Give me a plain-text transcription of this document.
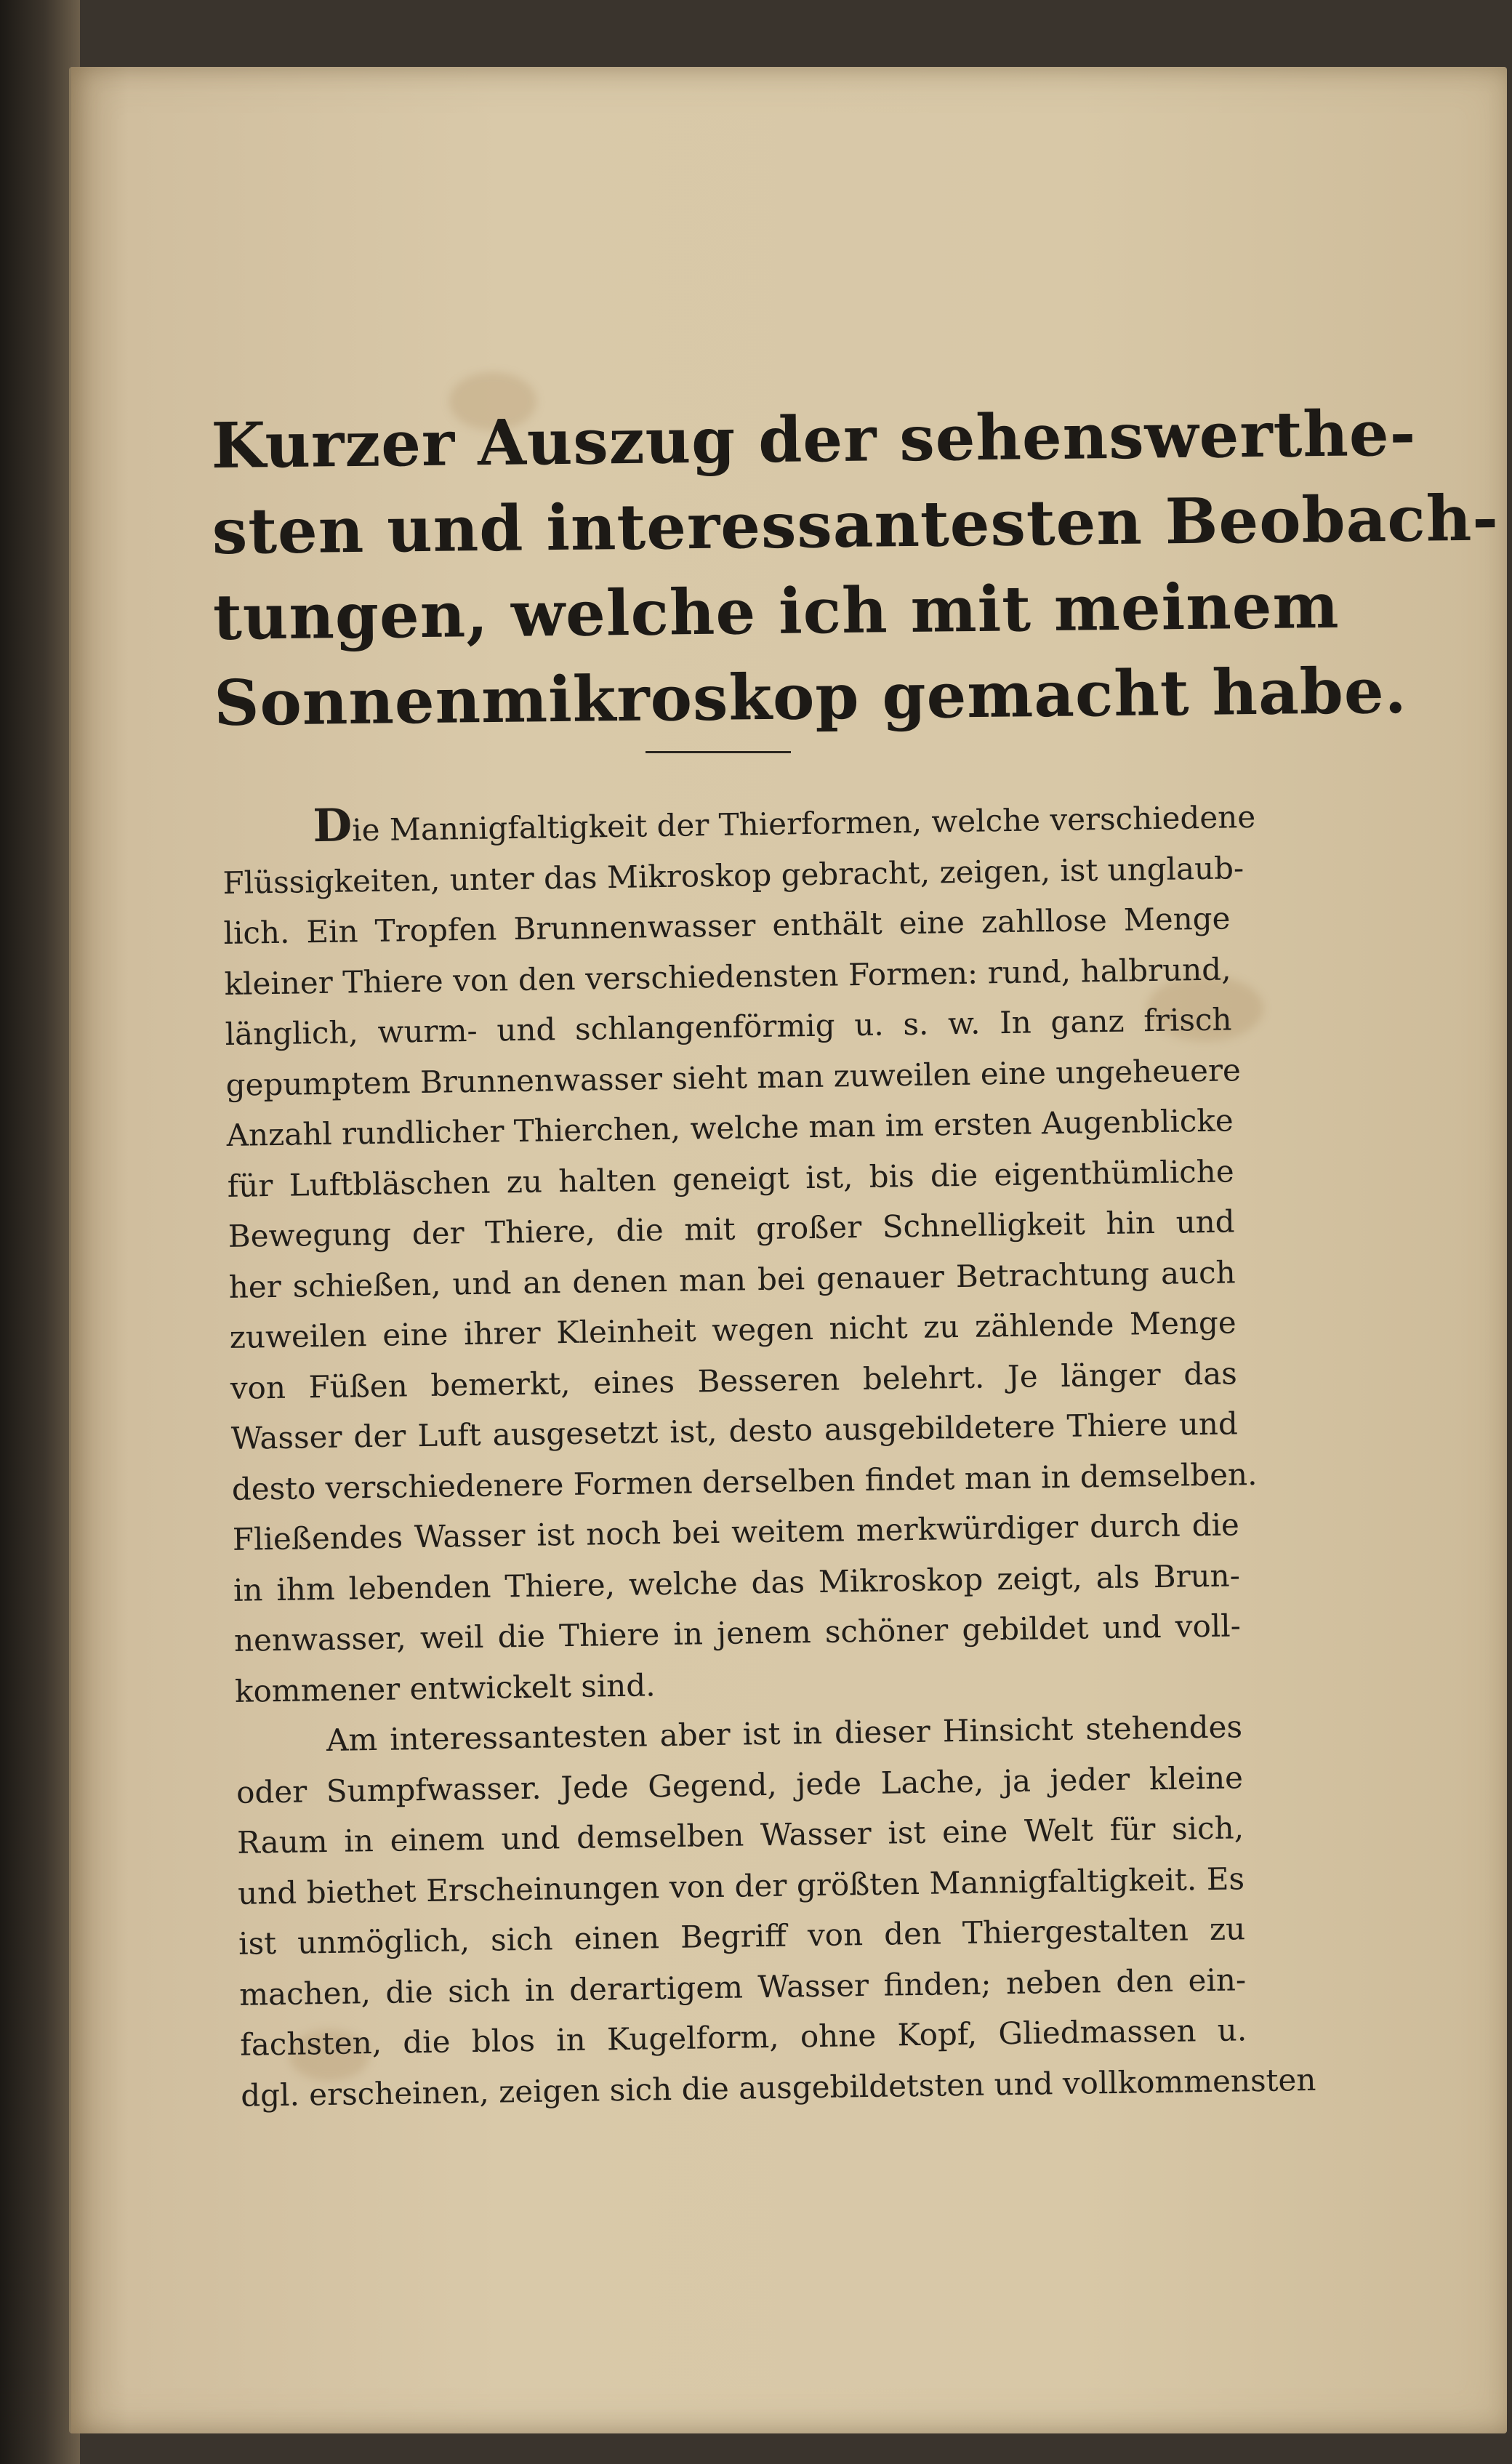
Kurzer Auszug der sehenswerthe-
sten und interessantesten Beobach-
tungen, welche ich mit meinem
Sonnenmikroskop gemacht habe.
Die Mannigfaltigkeit der Thierformen, welche verschiedene
Flüssigkeiten, unter das Mikroskop gebracht, zeigen, ist unglaub-
lich. Ein Tropfen Brunnenwasser enthält eine zahllose Menge
kleiner Thiere von den verschiedensten Formen: rund, halbrund,
länglich, wurm- und schlangenförmig u. s. w. In ganz frisch
gepumptem Brunnenwasser sieht man zuweilen eine ungeheuere
Anzahl rundlicher Thierchen, welche man im ersten Augenblicke
für Luftbläschen zu halten geneigt ist, bis die eigenthümliche
Bewegung der Thiere, die mit großer Schnelligkeit hin und
her schießen, und an denen man bei genauer Betrachtung auch
zuweilen eine ihrer Kleinheit wegen nicht zu zählende Menge
von Füßen bemerkt, eines Besseren belehrt. Je länger das
Wasser der Luft ausgesetzt ist, desto ausgebildetere Thiere und
desto verschiedenere Formen derselben findet man in demselben.
Fließendes Wasser ist noch bei weitem merkwürdiger durch die
in ihm lebenden Thiere, welche das Mikroskop zeigt, als Brun-
nenwasser, weil die Thiere in jenem schöner gebildet und voll-
kommener entwickelt sind.
Am interessantesten aber ist in dieser Hinsicht stehendes
oder Sumpfwasser. Jede Gegend, jede Lache, ja jeder kleine
Raum in einem und demselben Wasser ist eine Welt für sich,
und biethet Erscheinungen von der größten Mannigfaltigkeit. Es
ist unmöglich, sich einen Begriff von den Thiergestalten zu
machen, die sich in derartigem Wasser finden; neben den ein-
fachsten, die blos in Kugelform, ohne Kopf, Gliedmassen u.
dgl. erscheinen, zeigen sich die ausgebildetsten und vollkommensten
